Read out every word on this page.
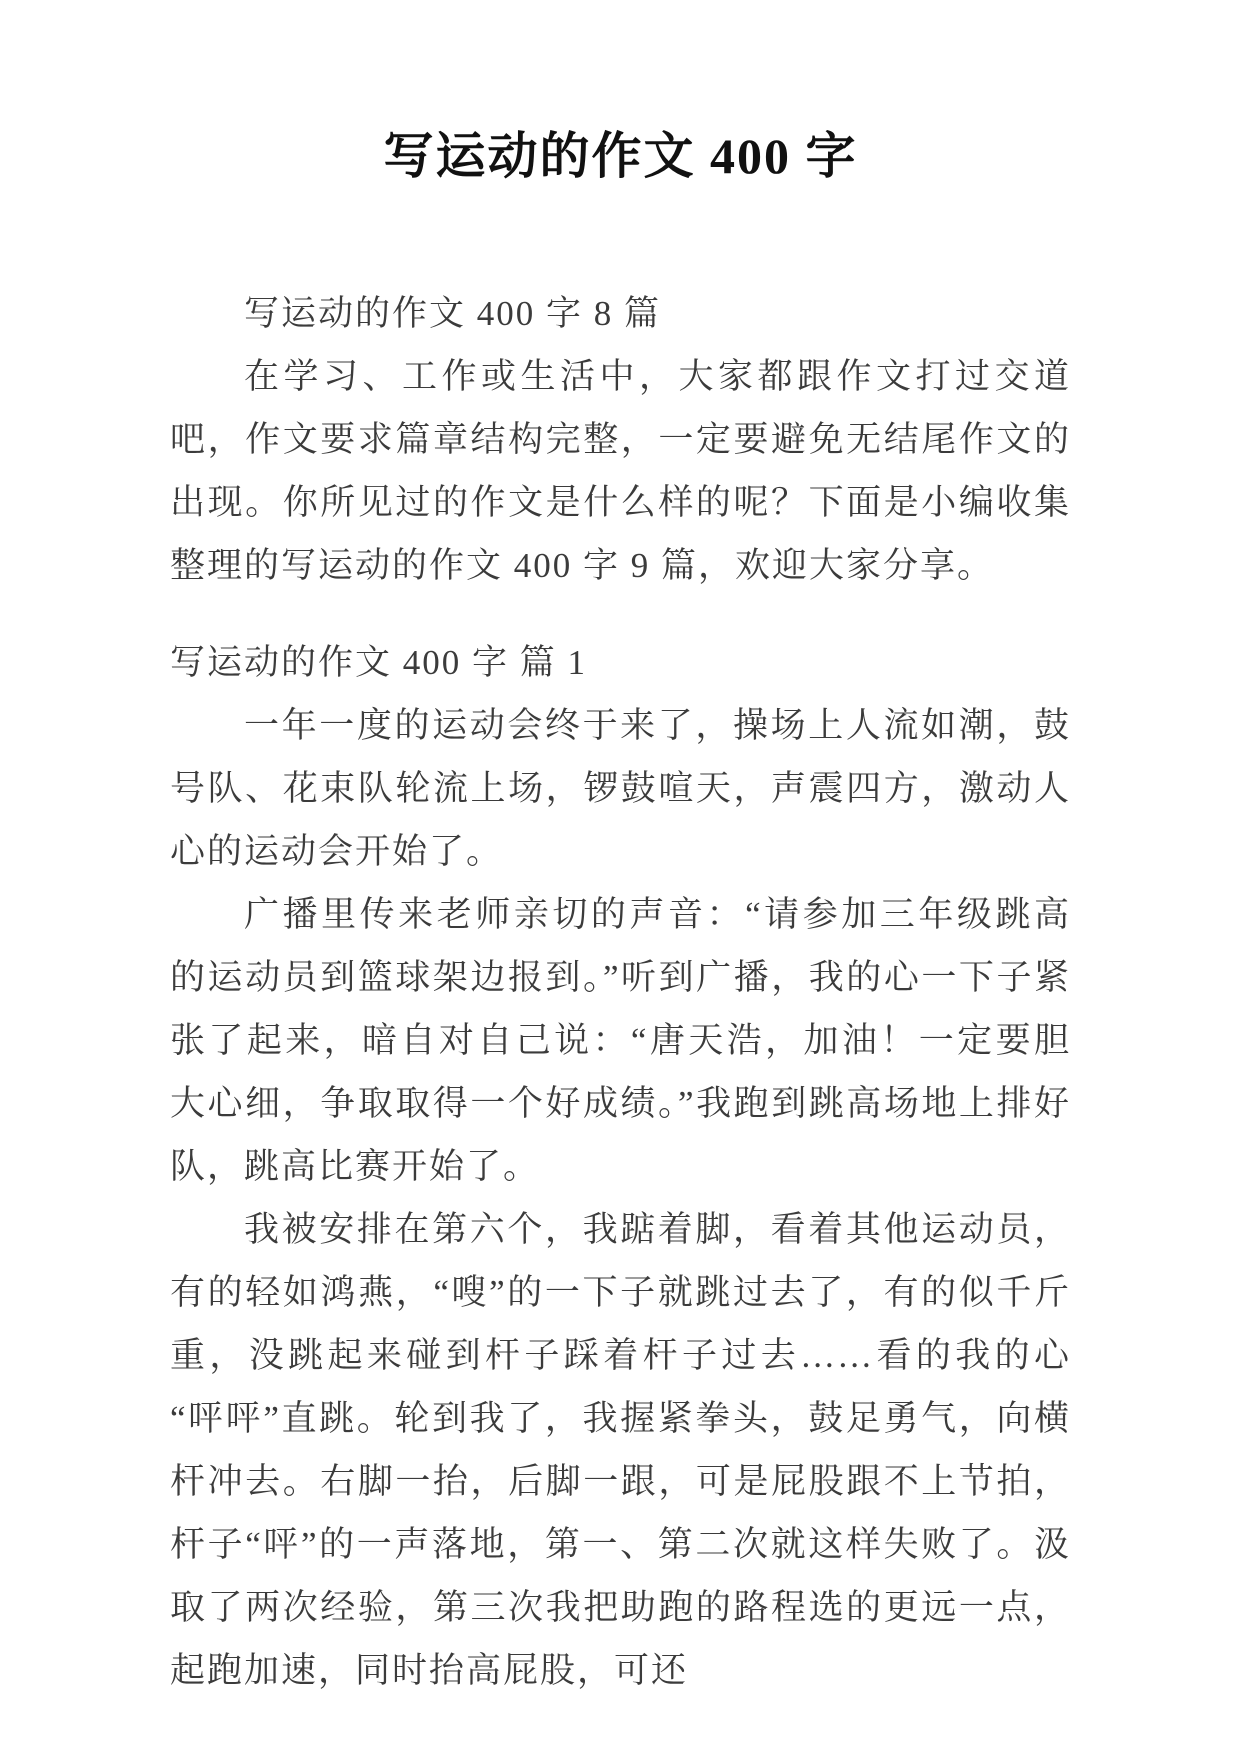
写运动的作文 400 字

写运动的作文 400 字 8 篇

在学习、工作或生活中，大家都跟作文打过交道吧，作文要求篇章结构完整，一定要避免无结尾作文的出现。你所见过的作文是什么样的呢？下面是小编收集整理的写运动的作文 400 字 9 篇，欢迎大家分享。

写运动的作文 400 字 篇 1

一年一度的运动会终于来了，操场上人流如潮，鼓号队、花束队轮流上场，锣鼓喧天，声震四方，激动人心的运动会开始了。

广播里传来老师亲切的声音：“请参加三年级跳高的运动员到篮球架边报到。”听到广播，我的心一下子紧张了起来，暗自对自己说：“唐天浩，加油！一定要胆大心细，争取取得一个好成绩。”我跑到跳高场地上排好队，跳高比赛开始了。

我被安排在第六个，我踮着脚，看着其他运动员，有的轻如鸿燕，“嗖”的一下子就跳过去了，有的似千斤重，没跳起来碰到杆子踩着杆子过去……看的我的心“呯呯”直跳。轮到我了，我握紧拳头，鼓足勇气，向横杆冲去。右脚一抬，后脚一跟，可是屁股跟不上节拍，杆子“呯”的一声落地，第一、第二次就这样失败了。汲取了两次经验，第三次我把助跑的路程选的更远一点，起跑加速，同时抬高屁股，可还
